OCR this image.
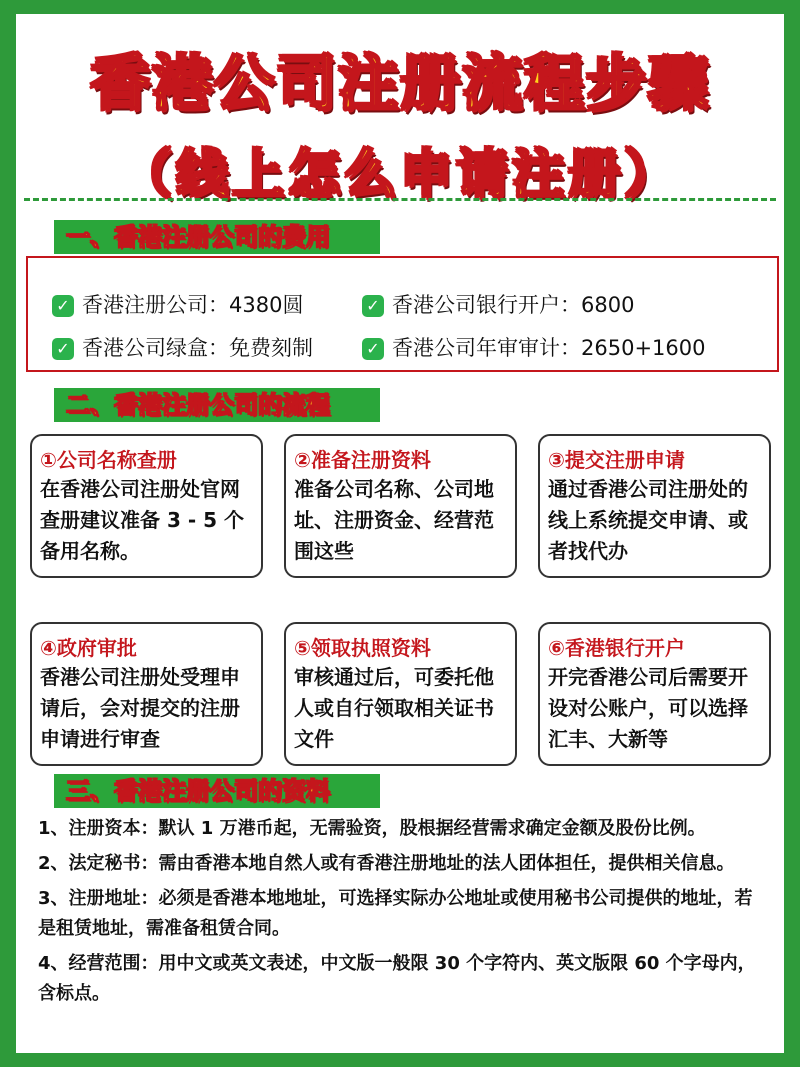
香港公司注册流程步骤
（线上怎么申请注册）
一、香港注册公司的费用
✓ 香港注册公司：4380圆	✓ 香港公司银行开户：6800
✓ 香港公司绿盒：免费刻制	✓ 香港公司年审审计：2650+1600
二、香港注册公司的流程
①公司名称查册
在香港公司注册处官网查册建议准备 3 - 5 个备用名称。
②准备注册资料
准备公司名称、公司地址、注册资金、经营范围这些
③提交注册申请
通过香港公司注册处的线上系统提交申请、或者找代办
④政府审批
香港公司注册处受理申请后，会对提交的注册申请进行审查
⑤领取执照资料
审核通过后，可委托他人或自行领取相关证书文件
⑥香港银行开户
开完香港公司后需要开设对公账户，可以选择汇丰、大新等
三、香港注册公司的资料

1、注册资本：默认 1 万港币起，无需验资，股根据经营需求确定金额及股份比例。

2、法定秘书：需由香港本地自然人或有香港注册地址的法人团体担任，提供相关信息。

3、注册地址：必须是香港本地地址，可选择实际办公地址或使用秘书公司提供的地址，若是租赁地址，需准备租赁合同。

4、经营范围：用中文或英文表述，中文版一般限 30 个字符内、英文版限 60 个字母内，含标点。
